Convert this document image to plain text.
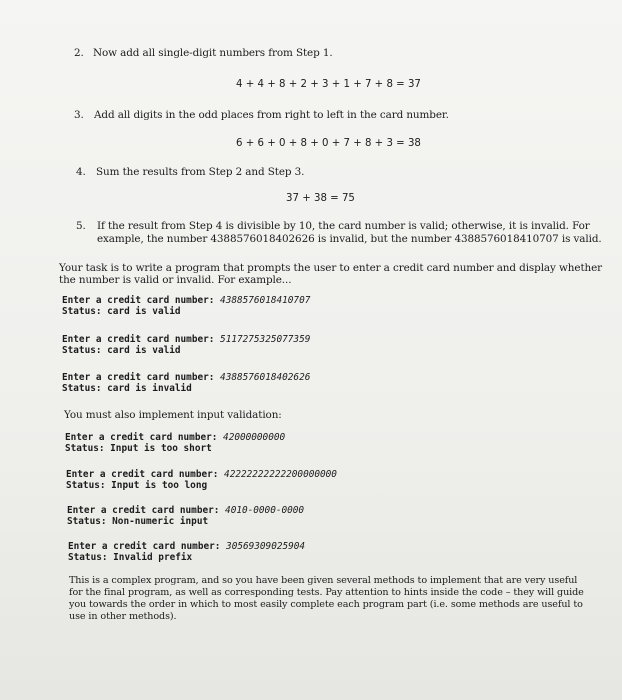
2. Now add all single-digit numbers from Step 1.
4 + 4 + 8 + 2 + 3 + 1 + 7 + 8 = 37
3. Add all digits in the odd places from right to left in the card number.
6 + 6 + 0 + 8 + 0 + 7 + 8 + 3 = 38
4. Sum the results from Step 2 and Step 3.
37 + 38 = 75
5. If the result from Step 4 is divisible by 10, the card number is valid; otherwise, it is invalid. For
example, the number 4388576018402626 is invalid, but the number 4388576018410707 is valid.
Your task is to write a program that prompts the user to enter a credit card number and display whether
the number is valid or invalid. For example...
Enter a credit card number: 4388576018410707
Status: card is valid
Enter a credit card number: 5117275325077359
Status: card is valid
Enter a credit card number: 4388576018402626
Status: card is invalid
You must also implement input validation:
Enter a credit card number: 42000000000
Status: Input is too short
Enter a credit card number: 42222222222200000000
Status: Input is too long
Enter a credit card number: 4010-0000-0000
Status: Non-numeric input
Enter a credit card number: 30569309025904
Status: Invalid prefix
This is a complex program, and so you have been given several methods to implement that are very useful
for the final program, as well as corresponding tests. Pay attention to hints inside the code – they will guide
you towards the order in which to most easily complete each program part (i.e. some methods are useful to
use in other methods).
